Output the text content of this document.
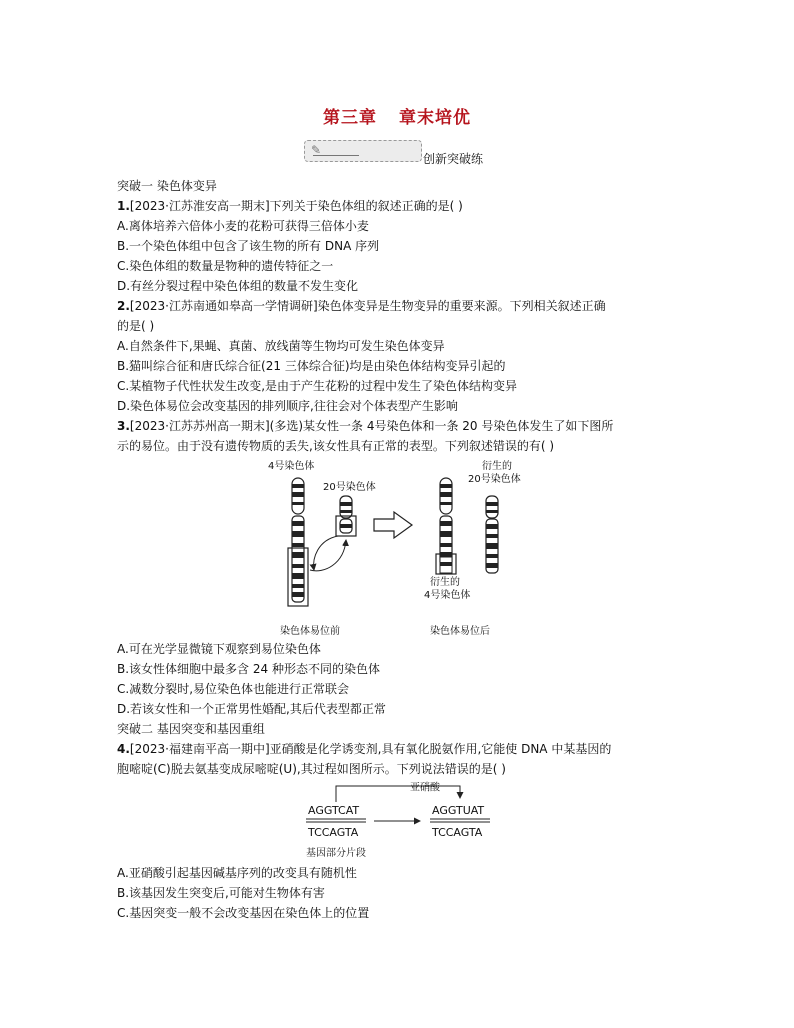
第三章 章末培优
✎
创新突破练
突破一 染色体变异
1.[2023·江苏淮安高一期末]下列关于染色体组的叙述正确的是( )
A.离体培养六倍体小麦的花粉可获得三倍体小麦
B.一个染色体组中包含了该生物的所有 DNA 序列
C.染色体组的数量是物种的遗传特征之一
D.有丝分裂过程中染色体组的数量不发生变化
2.[2023·江苏南通如皋高一学情调研]染色体变异是生物变异的重要来源。下列相关叙述正确
的是( )
A.自然条件下,果蝇、真菌、放线菌等生物均可发生染色体变异
B.猫叫综合征和唐氏综合征(21 三体综合征)均是由染色体结构变异引起的
C.某植物子代性状发生改变,是由于产生花粉的过程中发生了染色体结构变异
D.染色体易位会改变基因的排列顺序,往往会对个体表型产生影响
3.[2023·江苏苏州高一期末](多选)某女性一条 4号染色体和一条 20 号染色体发生了如下图所
示的易位。由于没有遗传物质的丢失,该女性具有正常的表型。下列叙述错误的有( )
4号染色体
20号染色体
衍生的
20号染色体
衍生的
4号染色体
染色体易位前	染色体易位后
A.可在光学显微镜下观察到易位染色体
B.该女性体细胞中最多含 24 种形态不同的染色体
C.减数分裂时,易位染色体也能进行正常联会
D.若该女性和一个正常男性婚配,其后代表型都正常
突破二 基因突变和基因重组
4.[2023·福建南平高一期中]亚硝酸是化学诱变剂,具有氧化脱氨作用,它能使 DNA 中某基因的
胞嘧啶(C)脱去氨基变成尿嘧啶(U),其过程如图所示。下列说法错误的是( )
亚硝酸
AGGTCAT
TCCAGTA
AGGTUAT
TCCAGTA
基因部分片段
A.亚硝酸引起基因碱基序列的改变具有随机性
B.该基因发生突变后,可能对生物体有害
C.基因突变一般不会改变基因在染色体上的位置
